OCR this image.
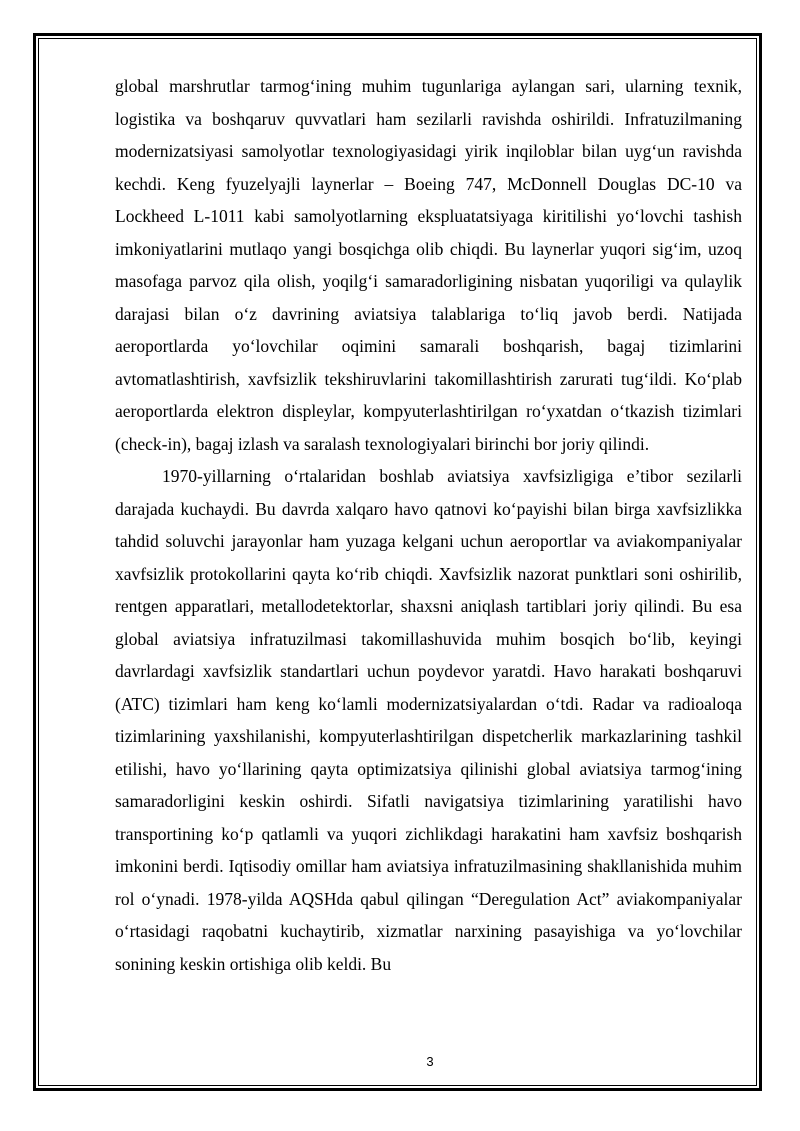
global marshrutlar tarmog‘ining muhim tugunlariga aylangan sari, ularning texnik, logistika va boshqaruv quvvatlari ham sezilarli ravishda oshirildi. Infratuzilmaning modernizatsiyasi samolyotlar texnologiyasidagi yirik inqiloblar bilan uyg‘un ravishda kechdi. Keng fyuzelyajli laynerlar – Boeing 747, McDonnell Douglas DC-10 va Lockheed L-1011 kabi samolyotlarning ekspluatatsiyaga kiritilishi yo‘lovchi tashish imkoniyatlarini mutlaqo yangi bosqichga olib chiqdi. Bu laynerlar yuqori sig‘im, uzoq masofaga parvoz qila olish, yoqilg‘i samaradorligining nisbatan yuqoriligi va qulaylik darajasi bilan o‘z davrining aviatsiya talablariga to‘liq javob berdi. Natijada aeroportlarda yo‘lovchilar oqimini samarali boshqarish, bagaj tizimlarini avtomatlashtirish, xavfsizlik tekshiruvlarini takomillashtirish zarurati tug‘ildi. Ko‘plab aeroportlarda elektron displeylar, kompyuterlashtirilgan ro‘yxatdan o‘tkazish tizimlari (check-in), bagaj izlash va saralash texnologiyalari birinchi bor joriy qilindi.

1970-yillarning o‘rtalaridan boshlab aviatsiya xavfsizligiga e’tibor sezilarli darajada kuchaydi. Bu davrda xalqaro havo qatnovi ko‘payishi bilan birga xavfsizlikka tahdid soluvchi jarayonlar ham yuzaga kelgani uchun aeroportlar va aviakompaniyalar xavfsizlik protokollarini qayta ko‘rib chiqdi. Xavfsizlik nazorat punktlari soni oshirilib, rentgen apparatlari, metallodetektorlar, shaxsni aniqlash tartiblari joriy qilindi. Bu esa global aviatsiya infratuzilmasi takomillashuvida muhim bosqich bo‘lib, keyingi davrlardagi xavfsizlik standartlari uchun poydevor yaratdi. Havo harakati boshqaruvi (ATC) tizimlari ham keng ko‘lamli modernizatsiyalardan o‘tdi. Radar va radioaloqa tizimlarining yaxshilanishi, kompyuterlashtirilgan dispetcherlik markazlarining tashkil etilishi, havo yo‘llarining qayta optimizatsiya qilinishi global aviatsiya tarmog‘ining samaradorligini keskin oshirdi. Sifatli navigatsiya tizimlarining yaratilishi havo transportining ko‘p qatlamli va yuqori zichlikdagi harakatini ham xavfsiz boshqarish imkonini berdi. Iqtisodiy omillar ham aviatsiya infratuzilmasining shakllanishida muhim rol o‘ynadi. 1978-yilda AQSHda qabul qilingan “Deregulation Act” aviakompaniyalar o‘rtasidagi raqobatni kuchaytirib, xizmatlar narxining pasayishiga va yo‘lovchilar sonining keskin ortishiga olib keldi. Bu

3
